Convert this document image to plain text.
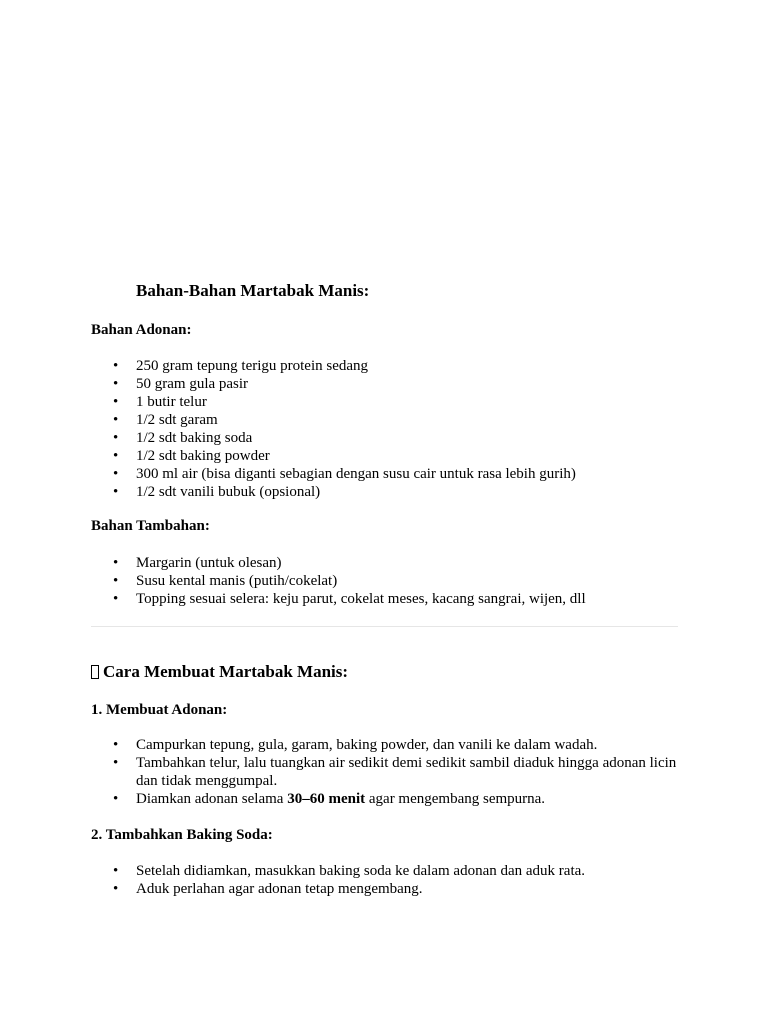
Bahan-Bahan Martabak Manis:
Bahan Adonan:
• 250 gram tepung terigu protein sedang
• 50 gram gula pasir
• 1 butir telur
• 1/2 sdt garam
• 1/2 sdt baking soda
• 1/2 sdt baking powder
• 300 ml air (bisa diganti sebagian dengan susu cair untuk rasa lebih gurih)
• 1/2 sdt vanili bubuk (opsional)
Bahan Tambahan:
• Margarin (untuk olesan)
• Susu kental manis (putih/cokelat)
• Topping sesuai selera: keju parut, cokelat meses, kacang sangrai, wijen, dll
Cara Membuat Martabak Manis:
1. Membuat Adonan:
• Campurkan tepung, gula, garam, baking powder, dan vanili ke dalam wadah.
• Tambahkan telur, lalu tuangkan air sedikit demi sedikit sambil diaduk hingga adonan licin dan tidak menggumpal.
• Diamkan adonan selama 30–60 menit agar mengembang sempurna.
2. Tambahkan Baking Soda:
• Setelah didiamkan, masukkan baking soda ke dalam adonan dan aduk rata.
• Aduk perlahan agar adonan tetap mengembang.
